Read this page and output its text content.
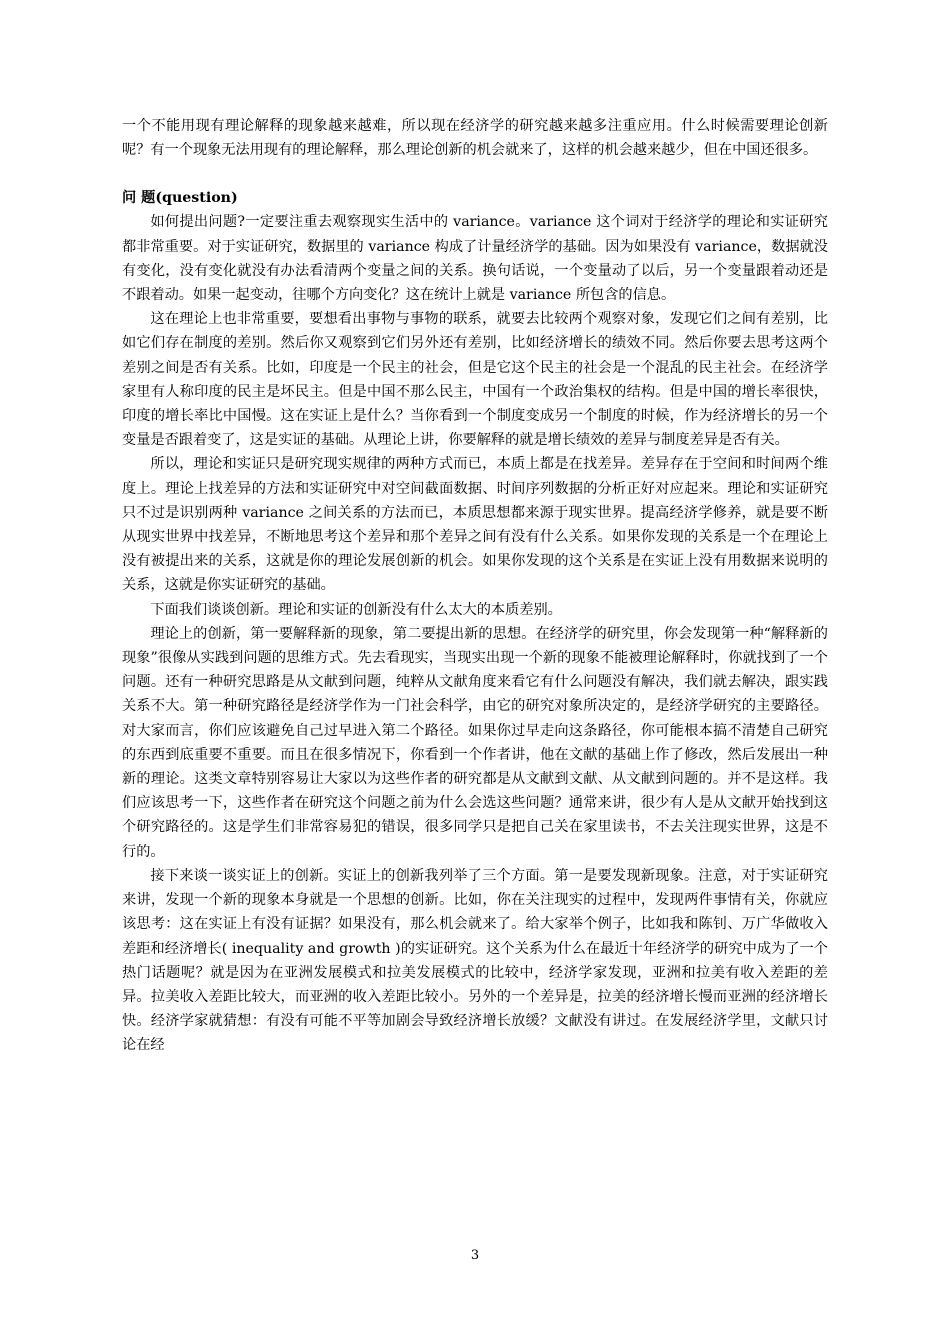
一个不能用现有理论解释的现象越来越难，所以现在经济学的研究越来越多注重应用。什么时候需要理论创新呢？有一个现象无法用现有的理论解释，那么理论创新的机会就来了，这样的机会越来越少，但在中国还很多。

问 题(question)

如何提出问题?一定要注重去观察现实生活中的 variance。variance 这个词对于经济学的理论和实证研究都非常重要。对于实证研究，数据里的 variance 构成了计量经济学的基础。因为如果没有 variance，数据就没有变化，没有变化就没有办法看清两个变量之间的关系。换句话说，一个变量动了以后，另一个变量跟着动还是不跟着动。如果一起变动，往哪个方向变化？这在统计上就是 variance 所包含的信息。

这在理论上也非常重要，要想看出事物与事物的联系，就要去比较两个观察对象，发现它们之间有差别，比如它们存在制度的差别。然后你又观察到它们另外还有差别，比如经济增长的绩效不同。然后你要去思考这两个差别之间是否有关系。比如，印度是一个民主的社会，但是它这个民主的社会是一个混乱的民主社会。在经济学家里有人称印度的民主是坏民主。但是中国不那么民主，中国有一个政治集权的结构。但是中国的增长率很快，印度的增长率比中国慢。这在实证上是什么？当你看到一个制度变成另一个制度的时候，作为经济增长的另一个变量是否跟着变了，这是实证的基础。从理论上讲，你要解释的就是增长绩效的差异与制度差异是否有关。

所以，理论和实证只是研究现实规律的两种方式而已，本质上都是在找差异。差异存在于空间和时间两个维度上。理论上找差异的方法和实证研究中对空间截面数据、时间序列数据的分析正好对应起来。理论和实证研究只不过是识别两种 variance 之间关系的方法而已，本质思想都来源于现实世界。提高经济学修养，就是要不断从现实世界中找差异，不断地思考这个差异和那个差异之间有没有什么关系。如果你发现的关系是一个在理论上没有被提出来的关系，这就是你的理论发展创新的机会。如果你发现的这个关系是在实证上没有用数据来说明的关系，这就是你实证研究的基础。

下面我们谈谈创新。理论和实证的创新没有什么太大的本质差别。

理论上的创新，第一要解释新的现象，第二要提出新的思想。在经济学的研究里，你会发现第一种“解释新的现象”很像从实践到问题的思维方式。先去看现实，当现实出现一个新的现象不能被理论解释时，你就找到了一个问题。还有一种研究思路是从文献到问题，纯粹从文献角度来看它有什么问题没有解决，我们就去解决，跟实践关系不大。第一种研究路径是经济学作为一门社会科学，由它的研究对象所决定的，是经济学研究的主要路径。对大家而言，你们应该避免自己过早进入第二个路径。如果你过早走向这条路径，你可能根本搞不清楚自己研究的东西到底重要不重要。而且在很多情况下，你看到一个作者讲，他在文献的基础上作了修改，然后发展出一种新的理论。这类文章特别容易让大家以为这些作者的研究都是从文献到文献、从文献到问题的。并不是这样。我们应该思考一下，这些作者在研究这个问题之前为什么会选这些问题？通常来讲，很少有人是从文献开始找到这个研究路径的。这是学生们非常容易犯的错误，很多同学只是把自己关在家里读书，不去关注现实世界，这是不行的。

接下来谈一谈实证上的创新。实证上的创新我列举了三个方面。第一是要发现新现象。注意，对于实证研究来讲，发现一个新的现象本身就是一个思想的创新。比如，你在关注现实的过程中，发现两件事情有关，你就应该思考：这在实证上有没有证据？如果没有，那么机会就来了。给大家举个例子，比如我和陈钊、万广华做收入差距和经济增长( inequality and growth )的实证研究。这个关系为什么在最近十年经济学的研究中成为了一个热门话题呢？就是因为在亚洲发展模式和拉美发展模式的比较中，经济学家发现，亚洲和拉美有收入差距的差异。拉美收入差距比较大，而亚洲的收入差距比较小。另外的一个差异是，拉美的经济增长慢而亚洲的经济增长快。经济学家就猜想：有没有可能不平等加剧会导致经济增长放缓？文献没有讲过。在发展经济学里，文献只讨论在经

3
